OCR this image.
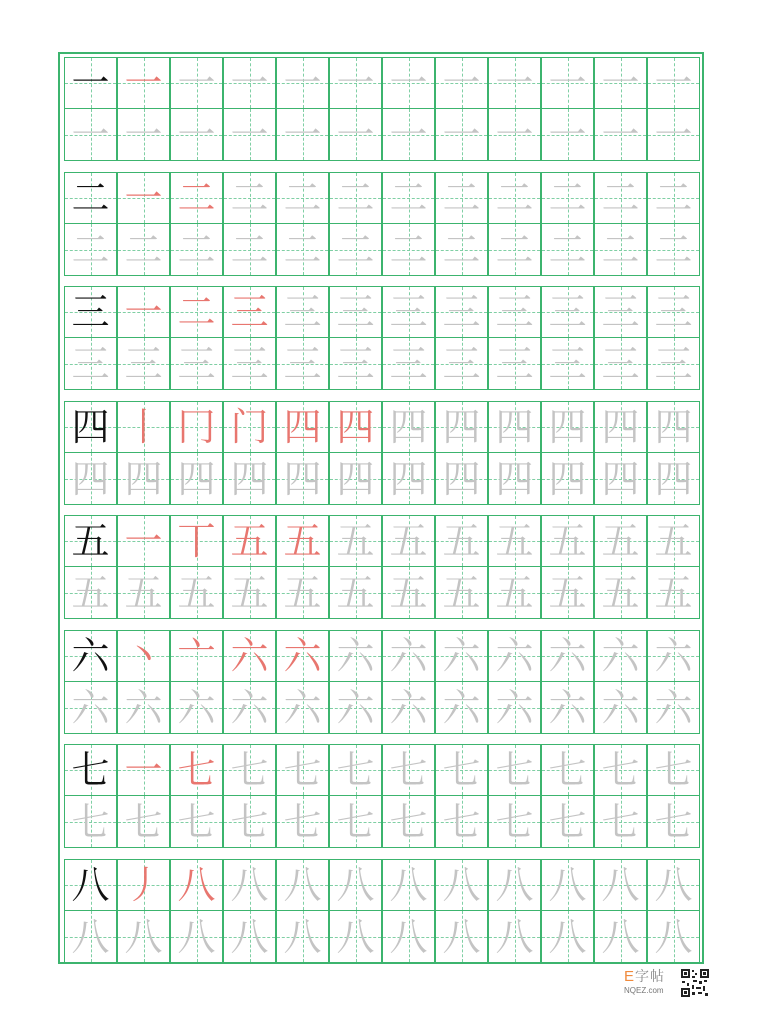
一 一 一 一 一 一 一 一 一 一 一 一
一 一 一 一 一 一 一 一 一 一 一 一
二 一 二 二 二 二 二 二 二 二 二 二
二 二 二 二 二 二 二 二 二 二 二 二
三 一 二 三 三 三 三 三 三 三 三 三
三 三 三 三 三 三 三 三 三 三 三 三
四 丨 冂 门 四 四 四 四 四 四 四 四
四 四 四 四 四 四 四 四 四 四 四 四
五 一 丅 五 五 五 五 五 五 五 五 五
五 五 五 五 五 五 五 五 五 五 五 五
六 丶 亠 六 六 六 六 六 六 六 六 六
六 六 六 六 六 六 六 六 六 六 六 六
七 一 七 七 七 七 七 七 七 七 七 七
七 七 七 七 七 七 七 七 七 七 七 七
八 丿 八 八 八 八 八 八 八 八 八 八
八 八 八 八 八 八 八 八 八 八 八 八
E字帖
NQEZ.com
